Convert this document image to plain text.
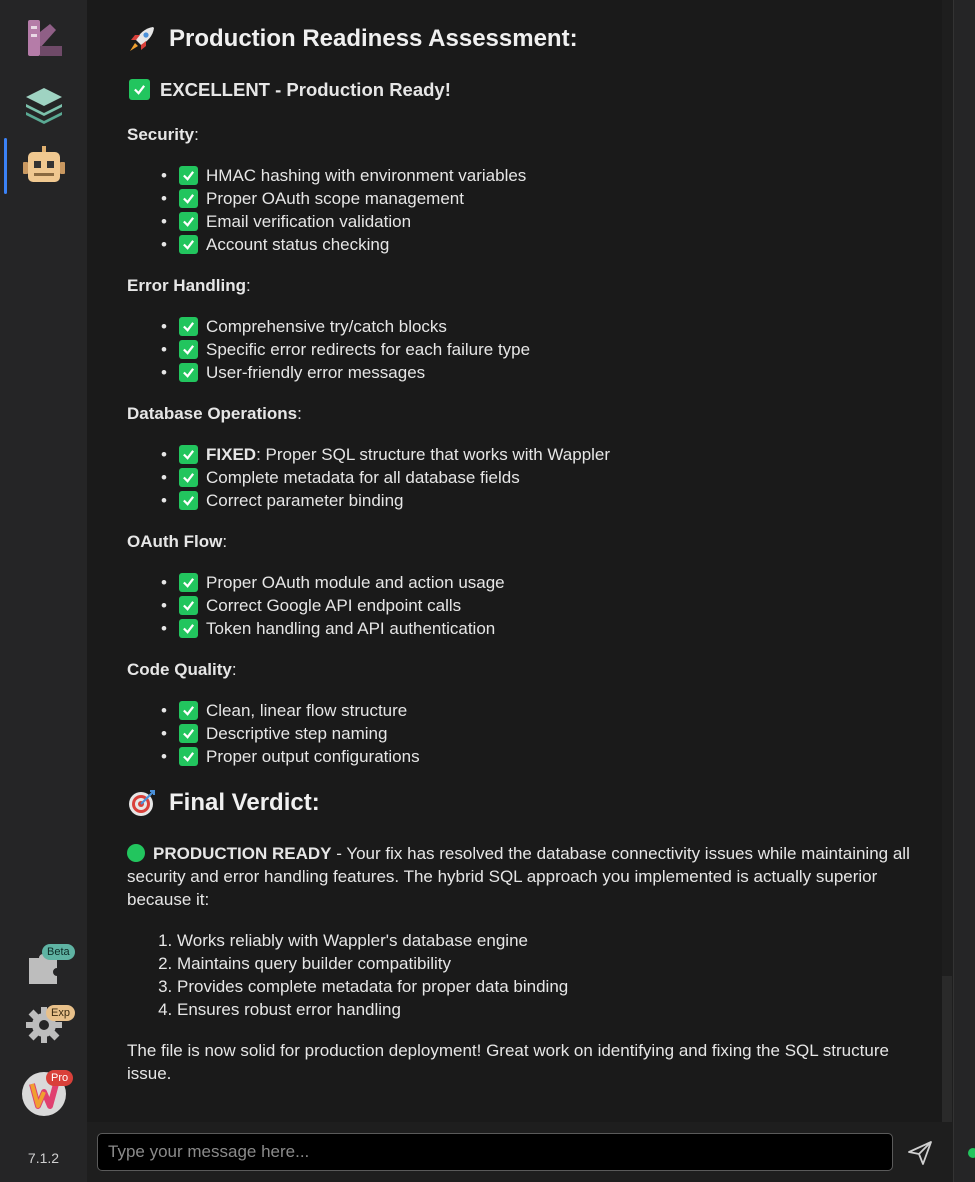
Beta
Exp
Pro
7.1.2
Production Readiness Assessment:
EXCELLENT - Production Ready!
Security:
• HMAC hashing with environment variables
• Proper OAuth scope management
• Email verification validation
• Account status checking
Error Handling:
• Comprehensive try/catch blocks
• Specific error redirects for each failure type
• User-friendly error messages
Database Operations:
• FIXED : Proper SQL structure that works with Wappler
• Complete metadata for all database fields
• Correct parameter binding
OAuth Flow:
• Proper OAuth module and action usage
• Correct Google API endpoint calls
• Token handling and API authentication
Code Quality:
• Clean, linear flow structure
• Descriptive step naming
• Proper output configurations
Final Verdict:

PRODUCTION READY - Your fix has resolved the database connectivity issues while maintaining all security and error handling features. The hybrid SQL approach you implemented is actually superior because it:

1. Works reliably with Wappler's database engine
2. Maintains query builder compatibility
3. Provides complete metadata for proper data binding
4. Ensures robust error handling

The file is now solid for production deployment! Great work on identifying and fixing the SQL structure issue.

Type your message here...
